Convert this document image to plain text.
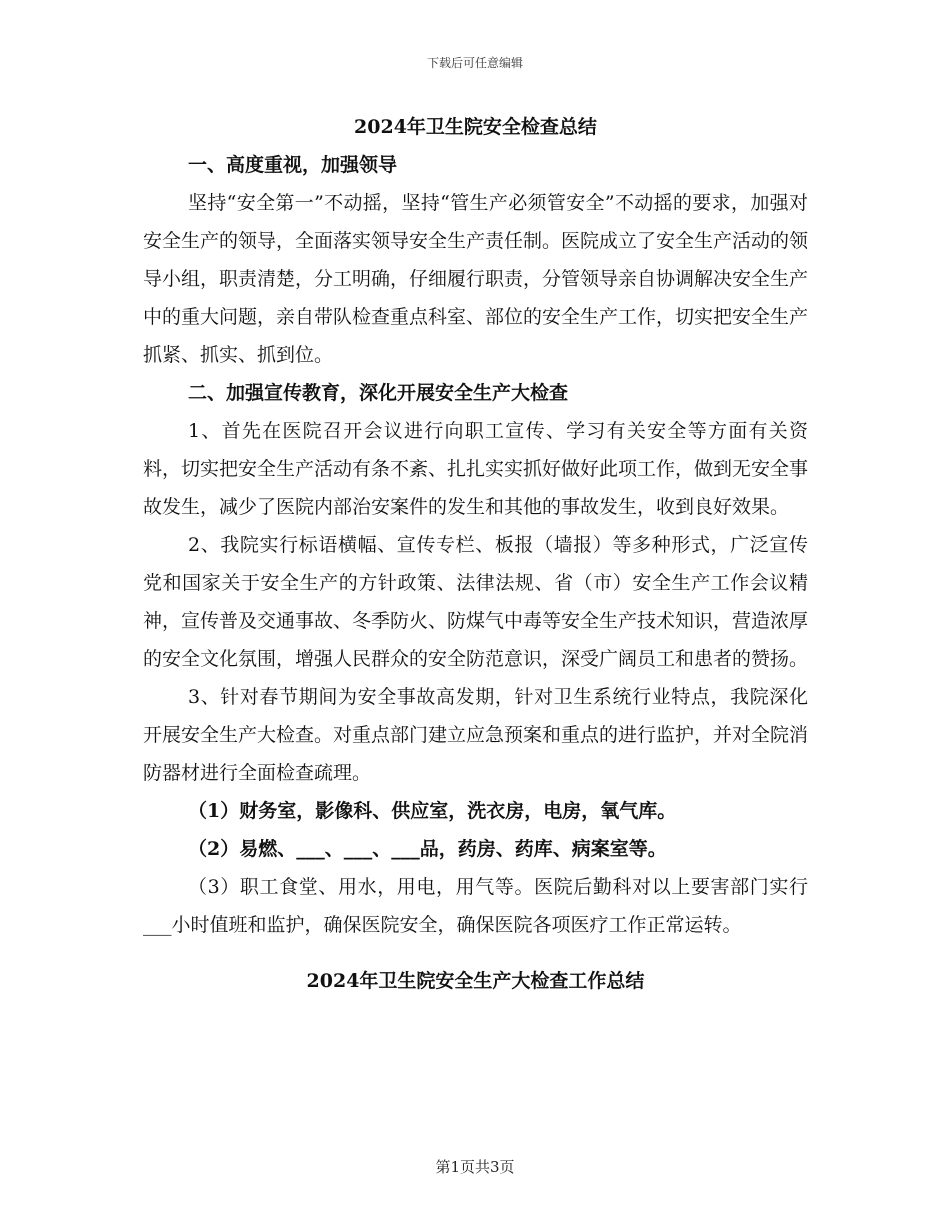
下载后可任意编辑

2024年卫生院安全检查总结

一、高度重视，加强领导

坚持“安全第一”不动摇，坚持“管生产必须管安全”不动摇的要求，加强对安全生产的领导，全面落实领导安全生产责任制。医院成立了安全生产活动的领导小组，职责清楚，分工明确，仔细履行职责，分管领导亲自协调解决安全生产中的重大问题，亲自带队检查重点科室、部位的安全生产工作，切实把安全生产抓紧、抓实、抓到位。

二、加强宣传教育，深化开展安全生产大检查

1、首先在医院召开会议进行向职工宣传、学习有关安全等方面有关资料，切实把安全生产活动有条不紊、扎扎实实抓好做好此项工作，做到无安全事故发生，减少了医院内部治安案件的发生和其他的事故发生，收到良好效果。

2、我院实行标语横幅、宣传专栏、板报（墙报）等多种形式，广泛宣传党和国家关于安全生产的方针政策、法律法规、省（市）安全生产工作会议精神，宣传普及交通事故、冬季防火、防煤气中毒等安全生产技术知识，营造浓厚的安全文化氛围，增强人民群众的安全防范意识，深受广阔员工和患者的赞扬。

3、针对春节期间为安全事故高发期，针对卫生系统行业特点，我院深化开展安全生产大检查。对重点部门建立应急预案和重点的进行监护，并对全院消防器材进行全面检查疏理。

（1）财务室，影像科、供应室，洗衣房，电房，氧气库。

（2）易燃、___、___、___品，药房、药库、病案室等。

（3）职工食堂、用水，用电，用气等。医院后勤科对以上要害部门实行___小时值班和监护，确保医院安全，确保医院各项医疗工作正常运转。

2024年卫生院安全生产大检查工作总结

第1页共3页
